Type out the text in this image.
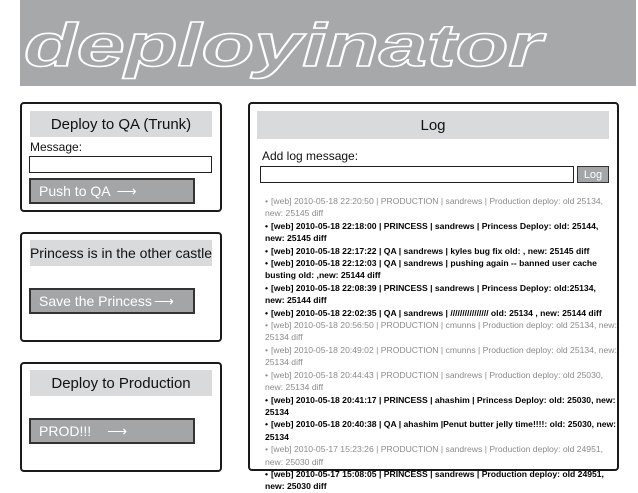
deployinator
Deploy to QA (Trunk)
Message:
Push to QA ⟶
Princess is in the other castle
Save the Princess ⟶
Deploy to Production
PROD!!! ⟶
Log
Add log message:
Log
• [web] 2010-05-18 22:20:50 | PRODUCTION | sandrews | Production deploy: old 25134, new: 25145 diff
• [web] 2010-05-18 22:18:00 | PRINCESS | sandrews | Princess Deploy: old: 25144, new: 25145 diff
• [web] 2010-05-18 22:17:22 | QA | sandrews | kyles bug fix old: , new: 25145 diff
• [web] 2010-05-18 22:12:03 | QA | sandrews | pushing again -- banned user cache busting old: ,new: 25144 diff
• [web] 2010-05-18 22:08:39 | PRINCESS | sandrews | Princess Deploy: old:25134, new: 25144 diff
• [web] 2010-05-18 22:02:35 | QA | sandrews | //////////////// old: 25134 , new: 25144 diff
• [web] 2010-05-18 20:56:50 | PRODUCTION | cmunns | Production deploy: old 25134, new: 25134 diff
• [web] 2010-05-18 20:49:02 | PRODUCTION | cmunns | Production deploy: old 25134, new: 25134 diff
• [web] 2010-05-18 20:44:43 | PRODUCTION | sandrews | Production deploy: old 25030, new: 25134 diff
• [web] 2010-05-18 20:41:17 | PRINCESS | ahashim | Princess Deploy: old: 25030, new: 25134
• [web] 2010-05-18 20:40:38 | QA | ahashim |Penut butter jelly time!!!!: old: 25030, new: 25134
• [web] 2010-05-17 15:23:26 | PRODUCTION | sandrews | Production deploy: old 24951, new: 25030 diff
• [web] 2010-05-17 15:08:05 | PRINCESS | sandrews | Production deploy: old 24951, new: 25030 diff
